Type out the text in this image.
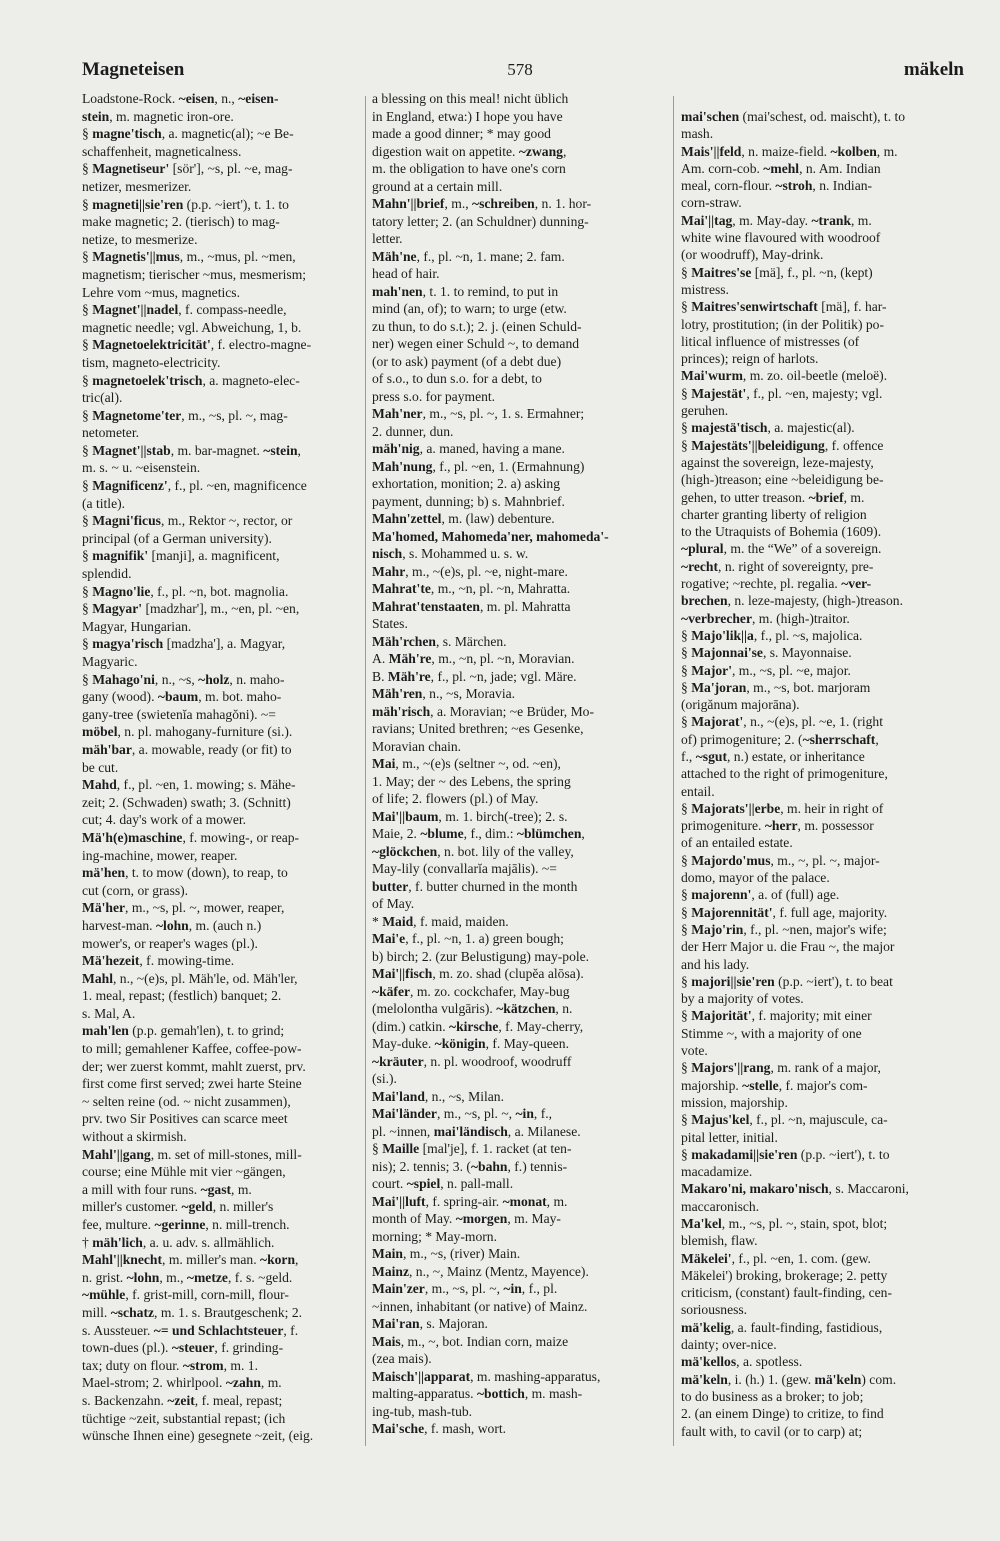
Magneteisen	578	mäkeln
Loadstone-Rock. ~eisen, n., ~eisen-
stein, m. magnetic iron-ore.
§ magne'tisch, a. magnetic(al); ~e Be-
schaffenheit, magneticalness.
§ Magnetiseur' [sör'], ~s, pl. ~e, mag-
netizer, mesmerizer.
§ magneti||sie'ren (p.p. ~iert'), t. 1. to
make magnetic; 2. (tierisch) to mag-
netize, to mesmerize.
§ Magnetis'||mus, m., ~mus, pl. ~men,
magnetism; tierischer ~mus, mesmerism;
Lehre vom ~mus, magnetics.
§ Magnet'||nadel, f. compass-needle,
magnetic needle; vgl. Abweichung, 1, b.
§ Magnetoelektricität', f. electro-magne-
tism, magneto-electricity.
§ magnetoelek'trisch, a. magneto-elec-
tric(al).
§ Magnetome'ter, m., ~s, pl. ~, mag-
netometer.
§ Magnet'||stab, m. bar-magnet. ~stein,
m. s. ~ u. ~eisenstein.
§ Magnificenz', f., pl. ~en, magnificence
(a title).
§ Magni'ficus, m., Rektor ~, rector, or
principal (of a German university).
§ magnifik' [manji], a. magnificent,
splendid.
§ Magno'lie, f., pl. ~n, bot. magnolia.
§ Magyar' [madzhar'], m., ~en, pl. ~en,
Magyar, Hungarian.
§ magya'risch [madzha'], a. Magyar,
Magyaric.
§ Mahago'ni, n., ~s, ~holz, n. maho-
gany (wood). ~baum, m. bot. maho-
gany-tree (swietenĭa mahagŏni). ~=
möbel, n. pl. mahogany-furniture (si.).
mäh'bar, a. mowable, ready (or fit) to
be cut.
Mahd, f., pl. ~en, 1. mowing; s. Mähe-
zeit; 2. (Schwaden) swath; 3. (Schnitt)
cut; 4. day's work of a mower.
Mä'h(e)maschine, f. mowing-, or reap-
ing-machine, mower, reaper.
mä'hen, t. to mow (down), to reap, to
cut (corn, or grass).
Mä'her, m., ~s, pl. ~, mower, reaper,
harvest-man. ~lohn, m. (auch n.)
mower's, or reaper's wages (pl.).
Mä'hezeit, f. mowing-time.
Mahl, n., ~(e)s, pl. Mäh'le, od. Mäh'ler,
1. meal, repast; (festlich) banquet; 2.
s. Mal, A.
mah'len (p.p. gemah'len), t. to grind;
to mill; gemahlener Kaffee, coffee-pow-
der; wer zuerst kommt, mahlt zuerst, prv.
first come first served; zwei harte Steine
~ selten reine (od. ~ nicht zusammen),
prv. two Sir Positives can scarce meet
without a skirmish.
Mahl'||gang, m. set of mill-stones, mill-
course; eine Mühle mit vier ~gängen,
a mill with four runs. ~gast, m.
miller's customer. ~geld, n. miller's
fee, multure. ~gerinne, n. mill-trench.
† mäh'lich, a. u. adv. s. allmählich.
Mahl'||knecht, m. miller's man. ~korn,
n. grist. ~lohn, m., ~metze, f. s. ~geld.
~mühle, f. grist-mill, corn-mill, flour-
mill. ~schatz, m. 1. s. Brautgeschenk; 2.
s. Aussteuer. ~= und Schlachtsteuer, f.
town-dues (pl.). ~steuer, f. grinding-
tax; duty on flour. ~strom, m. 1.
Mael-strom; 2. whirlpool. ~zahn, m.
s. Backenzahn. ~zeit, f. meal, repast;
tüchtige ~zeit, substantial repast; (ich
wünsche Ihnen eine) gesegnete ~zeit, (eig.
a blessing on this meal! nicht üblich
in England, etwa:) I hope you have
made a good dinner; * may good
digestion wait on appetite. ~zwang,
m. the obligation to have one's corn
ground at a certain mill.
Mahn'||brief, m., ~schreiben, n. 1. hor-
tatory letter; 2. (an Schuldner) dunning-
letter.
Mäh'ne, f., pl. ~n, 1. mane; 2. fam.
head of hair.
mah'nen, t. 1. to remind, to put in
mind (an, of); to warn; to urge (etw.
zu thun, to do s.t.); 2. j. (einen Schuld-
ner) wegen einer Schuld ~, to demand
(or to ask) payment (of a debt due)
of s.o., to dun s.o. for a debt, to
press s.o. for payment.
Mah'ner, m., ~s, pl. ~, 1. s. Ermahner;
2. dunner, dun.
mäh'nig, a. maned, having a mane.
Mah'nung, f., pl. ~en, 1. (Ermahnung)
exhortation, monition; 2. a) asking
payment, dunning; b) s. Mahnbrief.
Mahn'zettel, m. (law) debenture.
Ma'homed, Mahomeda'ner, mahomeda'-
nisch, s. Mohammed u. s. w.
Mahr, m., ~(e)s, pl. ~e, night-mare.
Mahrat'te, m., ~n, pl. ~n, Mahratta.
Mahrat'tenstaaten, m. pl. Mahratta
States.
Mäh'rchen, s. Märchen.
A. Mäh're, m., ~n, pl. ~n, Moravian.
B. Mäh're, f., pl. ~n, jade; vgl. Märe.
Mäh'ren, n., ~s, Moravia.
mäh'risch, a. Moravian; ~e Brüder, Mo-
ravians; United brethren; ~es Gesenke,
Moravian chain.
Mai, m., ~(e)s (seltner ~, od. ~en),
1. May; der ~ des Lebens, the spring
of life; 2. flowers (pl.) of May.
Mai'||baum, m. 1. birch(-tree); 2. s.
Maie, 2. ~blume, f., dim.: ~blümchen,
~glöckchen, n. bot. lily of the valley,
May-lily (convallarĭa majālis). ~=
butter, f. butter churned in the month
of May.
* Maid, f. maid, maiden.
Mai'e, f., pl. ~n, 1. a) green bough;
b) birch; 2. (zur Belustigung) may-pole.
Mai'||fisch, m. zo. shad (clupĕa alōsa).
~käfer, m. zo. cockchafer, May-bug
(melolontha vulgāris). ~kätzchen, n.
(dim.) catkin. ~kirsche, f. May-cherry,
May-duke. ~königin, f. May-queen.
~kräuter, n. pl. woodroof, woodruff
(si.).
Mai'land, n., ~s, Milan.
Mai'länder, m., ~s, pl. ~, ~in, f.,
pl. ~innen, mai'ländisch, a. Milanese.
§ Maille [mal'je], f. 1. racket (at ten-
nis); 2. tennis; 3. (~bahn, f.) tennis-
court. ~spiel, n. pall-mall.
Mai'||luft, f. spring-air. ~monat, m.
month of May. ~morgen, m. May-
morning; * May-morn.
Main, m., ~s, (river) Main.
Mainz, n., ~, Mainz (Mentz, Mayence).
Main'zer, m., ~s, pl. ~, ~in, f., pl.
~innen, inhabitant (or native) of Mainz.
Mai'ran, s. Majoran.
Mais, m., ~, bot. Indian corn, maize
(zea mais).
Maisch'||apparat, m. mashing-apparatus,
malting-apparatus. ~bottich, m. mash-
ing-tub, mash-tub.
Mai'sche, f. mash, wort.
mai'schen (mai'schest, od. maischt), t. to
mash.
Mais'||feld, n. maize-field. ~kolben, m.
Am. corn-cob. ~mehl, n. Am. Indian
meal, corn-flour. ~stroh, n. Indian-
corn-straw.
Mai'||tag, m. May-day. ~trank, m.
white wine flavoured with woodroof
(or woodruff), May-drink.
§ Maitres'se [mä], f., pl. ~n, (kept)
mistress.
§ Maitres'senwirtschaft [mä], f. har-
lotry, prostitution; (in der Politik) po-
litical influence of mistresses (of
princes); reign of harlots.
Mai'wurm, m. zo. oil-beetle (meloë).
§ Majestät', f., pl. ~en, majesty; vgl.
geruhen.
§ majestä'tisch, a. majestic(al).
§ Majestäts'||beleidigung, f. offence
against the sovereign, leze-majesty,
(high-)treason; eine ~beleidigung be-
gehen, to utter treason. ~brief, m.
charter granting liberty of religion
to the Utraquists of Bohemia (1609).
~plural, m. the “We” of a sovereign.
~recht, n. right of sovereignty, pre-
rogative; ~rechte, pl. regalia. ~ver-
brechen, n. leze-majesty, (high-)treason.
~verbrecher, m. (high-)traitor.
§ Majo'lik||a, f., pl. ~s, majolica.
§ Majonnai'se, s. Mayonnaise.
§ Major', m., ~s, pl. ~e, major.
§ Ma'joran, m., ~s, bot. marjoram
(origănum majorāna).
§ Majorat', n., ~(e)s, pl. ~e, 1. (right
of) primogeniture; 2. (~sherrschaft,
f., ~sgut, n.) estate, or inheritance
attached to the right of primogeniture,
entail.
§ Majorats'||erbe, m. heir in right of
primogeniture. ~herr, m. possessor
of an entailed estate.
§ Majordo'mus, m., ~, pl. ~, major-
domo, mayor of the palace.
§ majorenn', a. of (full) age.
§ Majorennität', f. full age, majority.
§ Majo'rin, f., pl. ~nen, major's wife;
der Herr Major u. die Frau ~, the major
and his lady.
§ majori||sie'ren (p.p. ~iert'), t. to beat
by a majority of votes.
§ Majorität', f. majority; mit einer
Stimme ~, with a majority of one
vote.
§ Majors'||rang, m. rank of a major,
majorship. ~stelle, f. major's com-
mission, majorship.
§ Majus'kel, f., pl. ~n, majuscule, ca-
pital letter, initial.
§ makadami||sie'ren (p.p. ~iert'), t. to
macadamize.
Makaro'ni, makaro'nisch, s. Maccaroni,
maccaronisch.
Ma'kel, m., ~s, pl. ~, stain, spot, blot;
blemish, flaw.
Mäkelei', f., pl. ~en, 1. com. (gew.
Mäkelei') broking, brokerage; 2. petty
criticism, (constant) fault-finding, cen-
soriousness.
mä'kelig, a. fault-finding, fastidious,
dainty; over-nice.
mä'kellos, a. spotless.
mä'keln, i. (h.) 1. (gew. mä'keln) com.
to do business as a broker; to job;
2. (an einem Dinge) to critize, to find
fault with, to cavil (or to carp) at;
